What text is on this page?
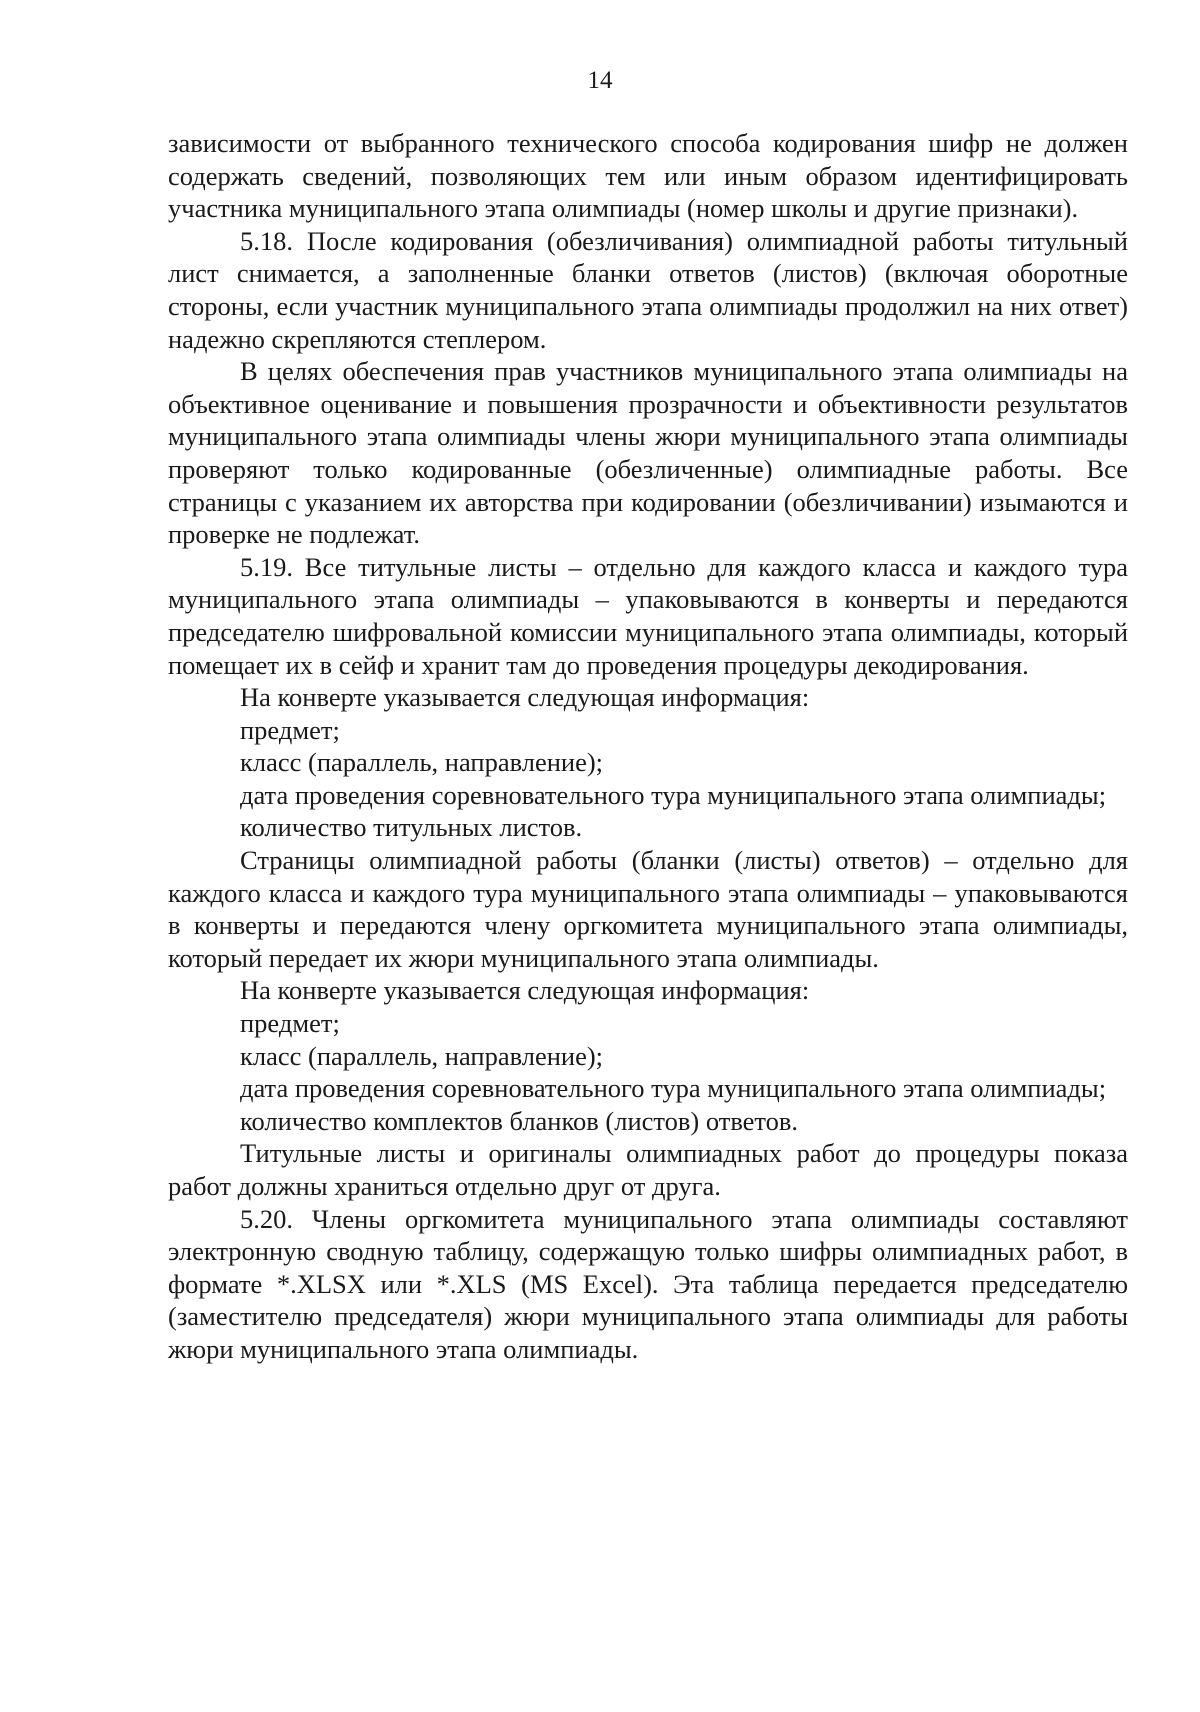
14

зависимости от выбранного технического способа кодирования шифр не должен содержать сведений, позволяющих тем или иным образом идентифицировать участника муниципального этапа олимпиады (номер школы и другие признаки).

5.18. После кодирования (обезличивания) олимпиадной работы титульный лист снимается, а заполненные бланки ответов (листов) (включая оборотные стороны, если участник муниципального этапа олимпиады продолжил на них ответ) надежно скрепляются степлером.

В целях обеспечения прав участников муниципального этапа олимпиады на объективное оценивание и повышения прозрачности и объективности результатов муниципального этапа олимпиады члены жюри муниципального этапа олимпиады проверяют только кодированные (обезличенные) олимпиадные работы. Все страницы с указанием их авторства при кодировании (обезличивании) изымаются и проверке не подлежат.

5.19. Все титульные листы – отдельно для каждого класса и каждого тура муниципального этапа олимпиады – упаковываются в конверты и передаются председателю шифровальной комиссии муниципального этапа олимпиады, который помещает их в сейф и хранит там до проведения процедуры декодирования.

На конверте указывается следующая информация:

предмет;

класс (параллель, направление);

дата проведения соревновательного тура муниципального этапа олимпиады;

количество титульных листов.

Страницы олимпиадной работы (бланки (листы) ответов) – отдельно для каждого класса и каждого тура муниципального этапа олимпиады – упаковываются в конверты и передаются члену оргкомитета муниципального этапа олимпиады, который передает их жюри муниципального этапа олимпиады.

На конверте указывается следующая информация:

предмет;

класс (параллель, направление);

дата проведения соревновательного тура муниципального этапа олимпиады;

количество комплектов бланков (листов) ответов.

Титульные листы и оригиналы олимпиадных работ до процедуры показа работ должны храниться отдельно друг от друга.

5.20. Члены оргкомитета муниципального этапа олимпиады составляют электронную сводную таблицу, содержащую только шифры олимпиадных работ, в формате *.XLSX или *.XLS (MS Excel). Эта таблица передается председателю (заместителю председателя) жюри муниципального этапа олимпиады для работы жюри муниципального этапа олимпиады.
